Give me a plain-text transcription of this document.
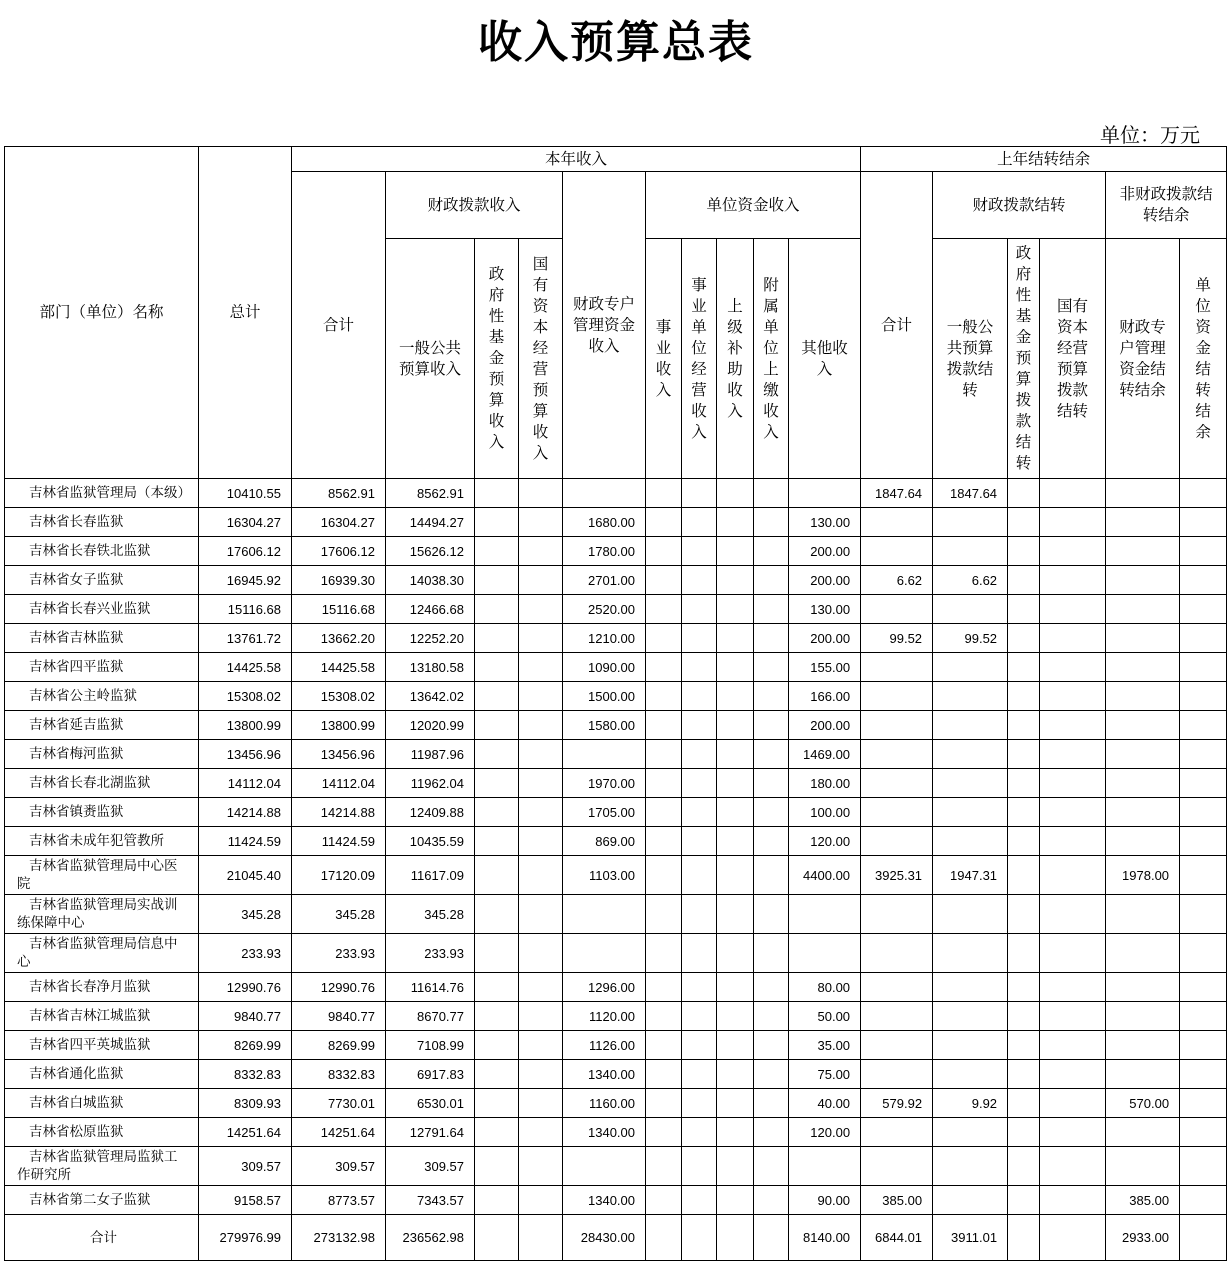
收入预算总表
单位：万元
部门（单位）名称	总计	本年收入										上年结转结余					
		合计	财政拨款收入			财政专户管理资金收入	单位资金收入					合计	财政拨款结转			非财政拨款结转结余	
			一般公共预算收入	政府性基金预算收入	国有资本经营预算收入		事业收入	事业单位经营收入	上级补助收入	附属单位上缴收入	其他收入		一般公共预算拨款结转	政府性基金预算拨款结转	国有资本经营预算拨款结转	财政专户管理资金结转结余	单位资金结转结余
吉林省监狱管理局（本级）	10410.55	8562.91	8562.91									1847.64	1847.64				
吉林省长春监狱	16304.27	16304.27	14494.27			1680.00					130.00						
吉林省长春铁北监狱	17606.12	17606.12	15626.12			1780.00					200.00						
吉林省女子监狱	16945.92	16939.30	14038.30			2701.00					200.00	6.62	6.62				
吉林省长春兴业监狱	15116.68	15116.68	12466.68			2520.00					130.00						
吉林省吉林监狱	13761.72	13662.20	12252.20			1210.00					200.00	99.52	99.52				
吉林省四平监狱	14425.58	14425.58	13180.58			1090.00					155.00						
吉林省公主岭监狱	15308.02	15308.02	13642.02			1500.00					166.00						
吉林省延吉监狱	13800.99	13800.99	12020.99			1580.00					200.00						
吉林省梅河监狱	13456.96	13456.96	11987.96								1469.00						
吉林省长春北湖监狱	14112.04	14112.04	11962.04			1970.00					180.00						
吉林省镇赉监狱	14214.88	14214.88	12409.88			1705.00					100.00						
吉林省未成年犯管教所	11424.59	11424.59	10435.59			869.00					120.00						
吉林省监狱管理局中心医院	21045.40	17120.09	11617.09			1103.00					4400.00	3925.31	1947.31			1978.00	
吉林省监狱管理局实战训练保障中心	345.28	345.28	345.28														
吉林省监狱管理局信息中心	233.93	233.93	233.93														
吉林省长春净月监狱	12990.76	12990.76	11614.76			1296.00					80.00						
吉林省吉林江城监狱	9840.77	9840.77	8670.77			1120.00					50.00						
吉林省四平英城监狱	8269.99	8269.99	7108.99			1126.00					35.00						
吉林省通化监狱	8332.83	8332.83	6917.83			1340.00					75.00						
吉林省白城监狱	8309.93	7730.01	6530.01			1160.00					40.00	579.92	9.92			570.00	
吉林省松原监狱	14251.64	14251.64	12791.64			1340.00					120.00						
吉林省监狱管理局监狱工作研究所	309.57	309.57	309.57														
吉林省第二女子监狱	9158.57	8773.57	7343.57			1340.00					90.00	385.00				385.00	
合计	279976.99	273132.98	236562.98			28430.00					8140.00	6844.01	3911.01			2933.00	
